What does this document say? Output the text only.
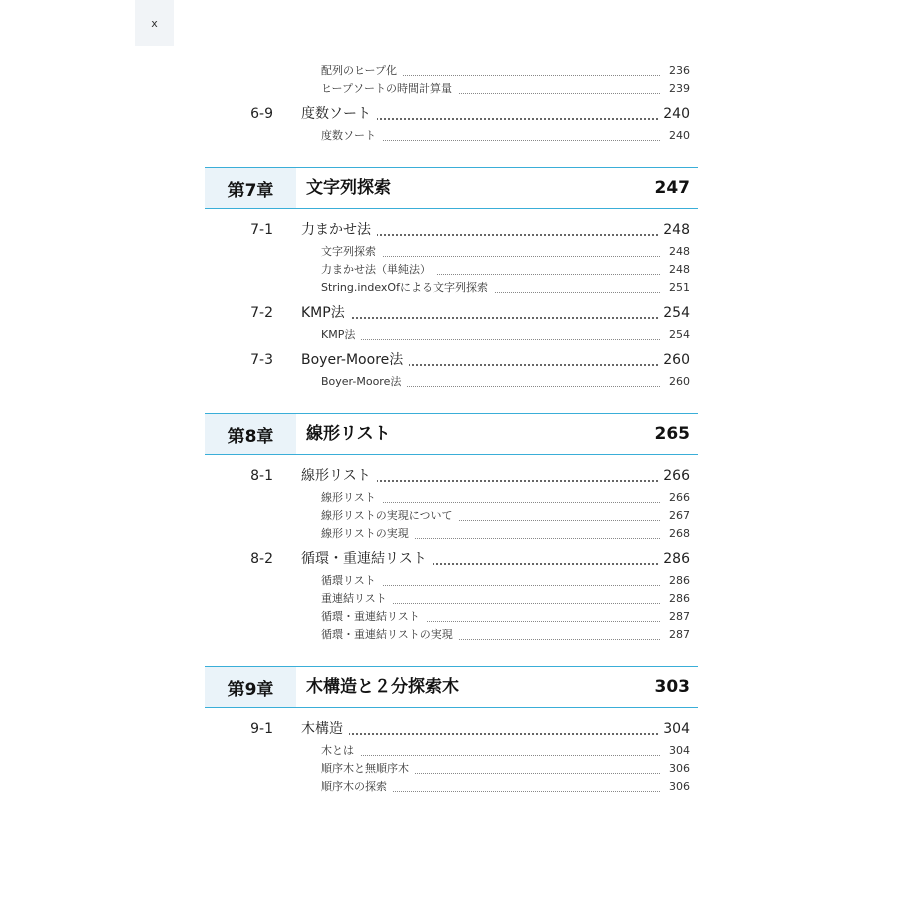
x
配列のヒープ化	236
ヒープソートの時間計算量	239
6-9 度数ソート	240
度数ソート	240
第7章	文字列探索	247
7-1 力まかせ法	248
文字列探索	248
力まかせ法（単純法）	248
String.indexOfによる文字列探索	251
7-2 KMP法	254
KMP法	254
7-3 Boyer-Moore法	260
Boyer-Moore法	260
第8章	線形リスト	265
8-1 線形リスト	266
線形リスト	266
線形リストの実現について	267
線形リストの実現	268
8-2 循環・重連結リスト	286
循環リスト	286
重連結リスト	286
循環・重連結リスト	287
循環・重連結リストの実現	287
第9章	木構造と２分探索木	303
9-1 木構造	304
木とは	304
順序木と無順序木	306
順序木の探索	306
